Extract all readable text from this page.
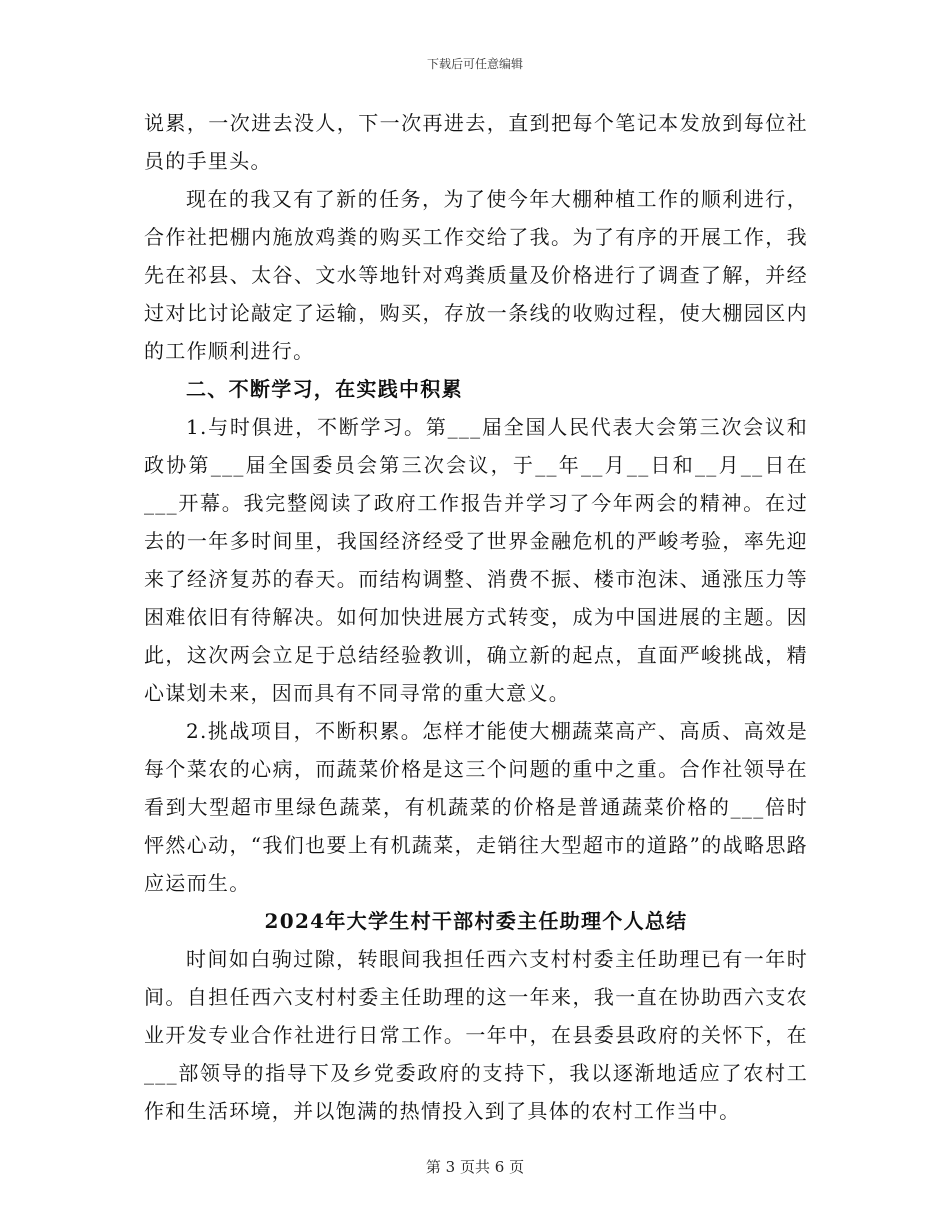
下载后可任意编辑

说累，一次进去没人，下一次再进去，直到把每个笔记本发放到每位社员的手里头。

现在的我又有了新的任务，为了使今年大棚种植工作的顺利进行，合作社把棚内施放鸡粪的购买工作交给了我。为了有序的开展工作，我先在祁县、太谷、文水等地针对鸡粪质量及价格进行了调查了解，并经过对比讨论敲定了运输，购买，存放一条线的收购过程，使大棚园区内的工作顺利进行。

二、不断学习，在实践中积累

1.与时俱进，不断学习。第___届全国人民代表大会第三次会议和政协第___届全国委员会第三次会议，于__年__月__日和__月__日在___开幕。我完整阅读了政府工作报告并学习了今年两会的精神。在过去的一年多时间里，我国经济经受了世界金融危机的严峻考验，率先迎来了经济复苏的春天。而结构调整、消费不振、楼市泡沫、通涨压力等困难依旧有待解决。如何加快进展方式转变，成为中国进展的主题。因此，这次两会立足于总结经验教训，确立新的起点，直面严峻挑战，精心谋划未来，因而具有不同寻常的重大意义。

2.挑战项目，不断积累。怎样才能使大棚蔬菜高产、高质、高效是每个菜农的心病，而蔬菜价格是这三个问题的重中之重。合作社领导在看到大型超市里绿色蔬菜，有机蔬菜的价格是普通蔬菜价格的___倍时怦然心动，“我们也要上有机蔬菜，走销往大型超市的道路”的战略思路应运而生。

2024年大学生村干部村委主任助理个人总结

时间如白驹过隙，转眼间我担任西六支村村委主任助理已有一年时间。自担任西六支村村委主任助理的这一年来，我一直在协助西六支农业开发专业合作社进行日常工作。一年中，在县委县政府的关怀下，在___部领导的指导下及乡党委政府的支持下，我以逐渐地适应了农村工作和生活环境，并以饱满的热情投入到了具体的农村工作当中。

第 3 页共 6 页
